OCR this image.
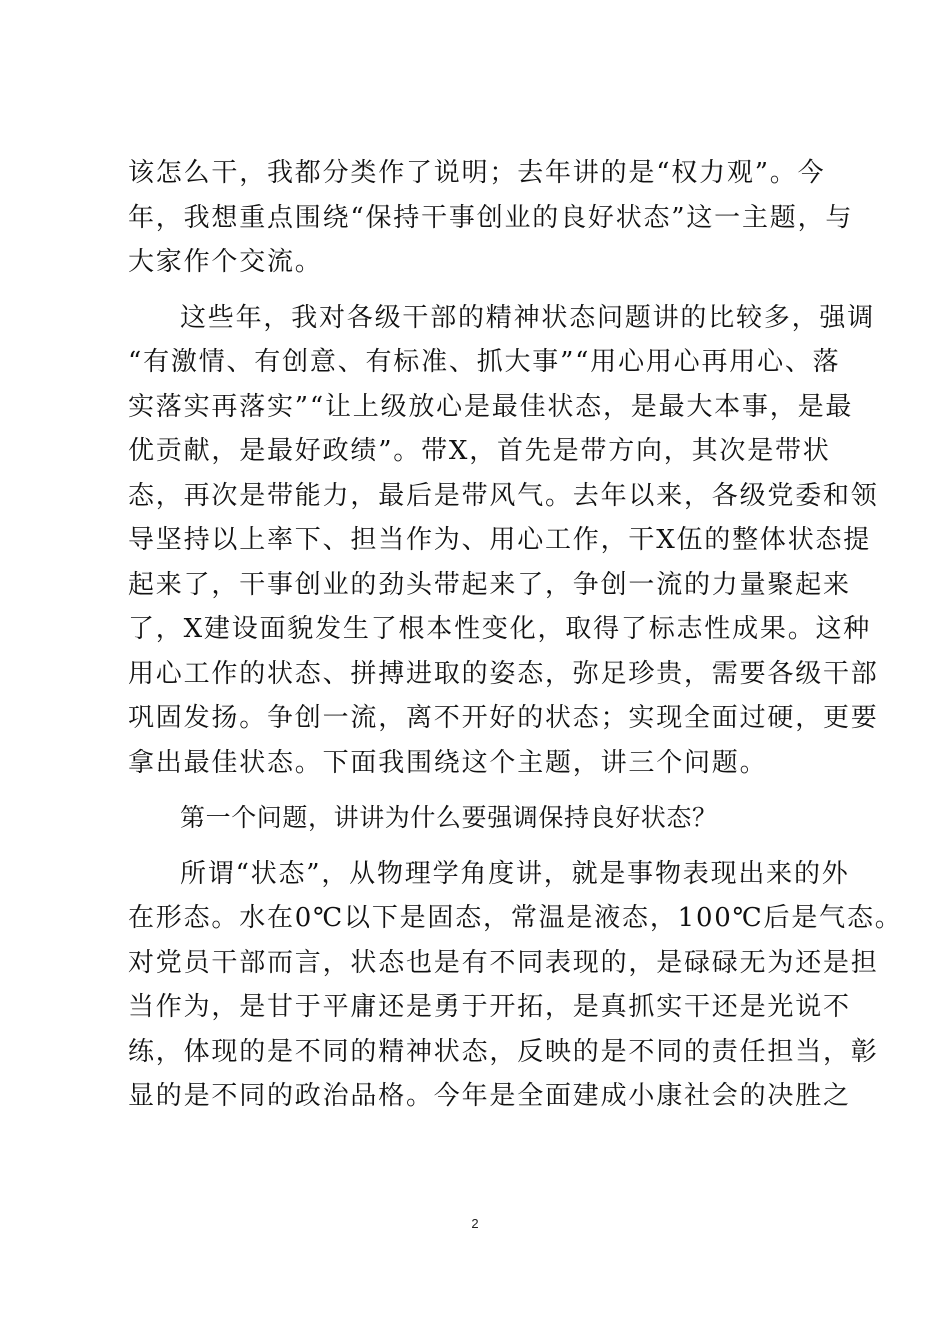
该怎么干，我都分类作了说明；去年讲的是“权力观”。今
年，我想重点围绕“保持干事创业的良好状态”这一主题，与
大家作个交流。
这些年，我对各级干部的精神状态问题讲的比较多，强调
“有激情、有创意、有标准、抓大事”“用心用心再用心、落
实落实再落实”“让上级放心是最佳状态，是最大本事，是最
优贡献，是最好政绩”。带X，首先是带方向，其次是带状
态，再次是带能力，最后是带风气。去年以来，各级党委和领
导坚持以上率下、担当作为、用心工作，干X伍的整体状态提
起来了，干事创业的劲头带起来了，争创一流的力量聚起来
了，X建设面貌发生了根本性变化，取得了标志性成果。这种
用心工作的状态、拼搏进取的姿态，弥足珍贵，需要各级干部
巩固发扬。争创一流，离不开好的状态；实现全面过硬，更要
拿出最佳状态。下面我围绕这个主题，讲三个问题。
第一个问题，讲讲为什么要强调保持良好状态？
所谓“状态”，从物理学角度讲，就是事物表现出来的外
在形态。水在0℃以下是固态，常温是液态，100℃后是气态。
对党员干部而言，状态也是有不同表现的，是碌碌无为还是担
当作为，是甘于平庸还是勇于开拓，是真抓实干还是光说不
练，体现的是不同的精神状态，反映的是不同的责任担当，彰
显的是不同的政治品格。今年是全面建成小康社会的决胜之
2
